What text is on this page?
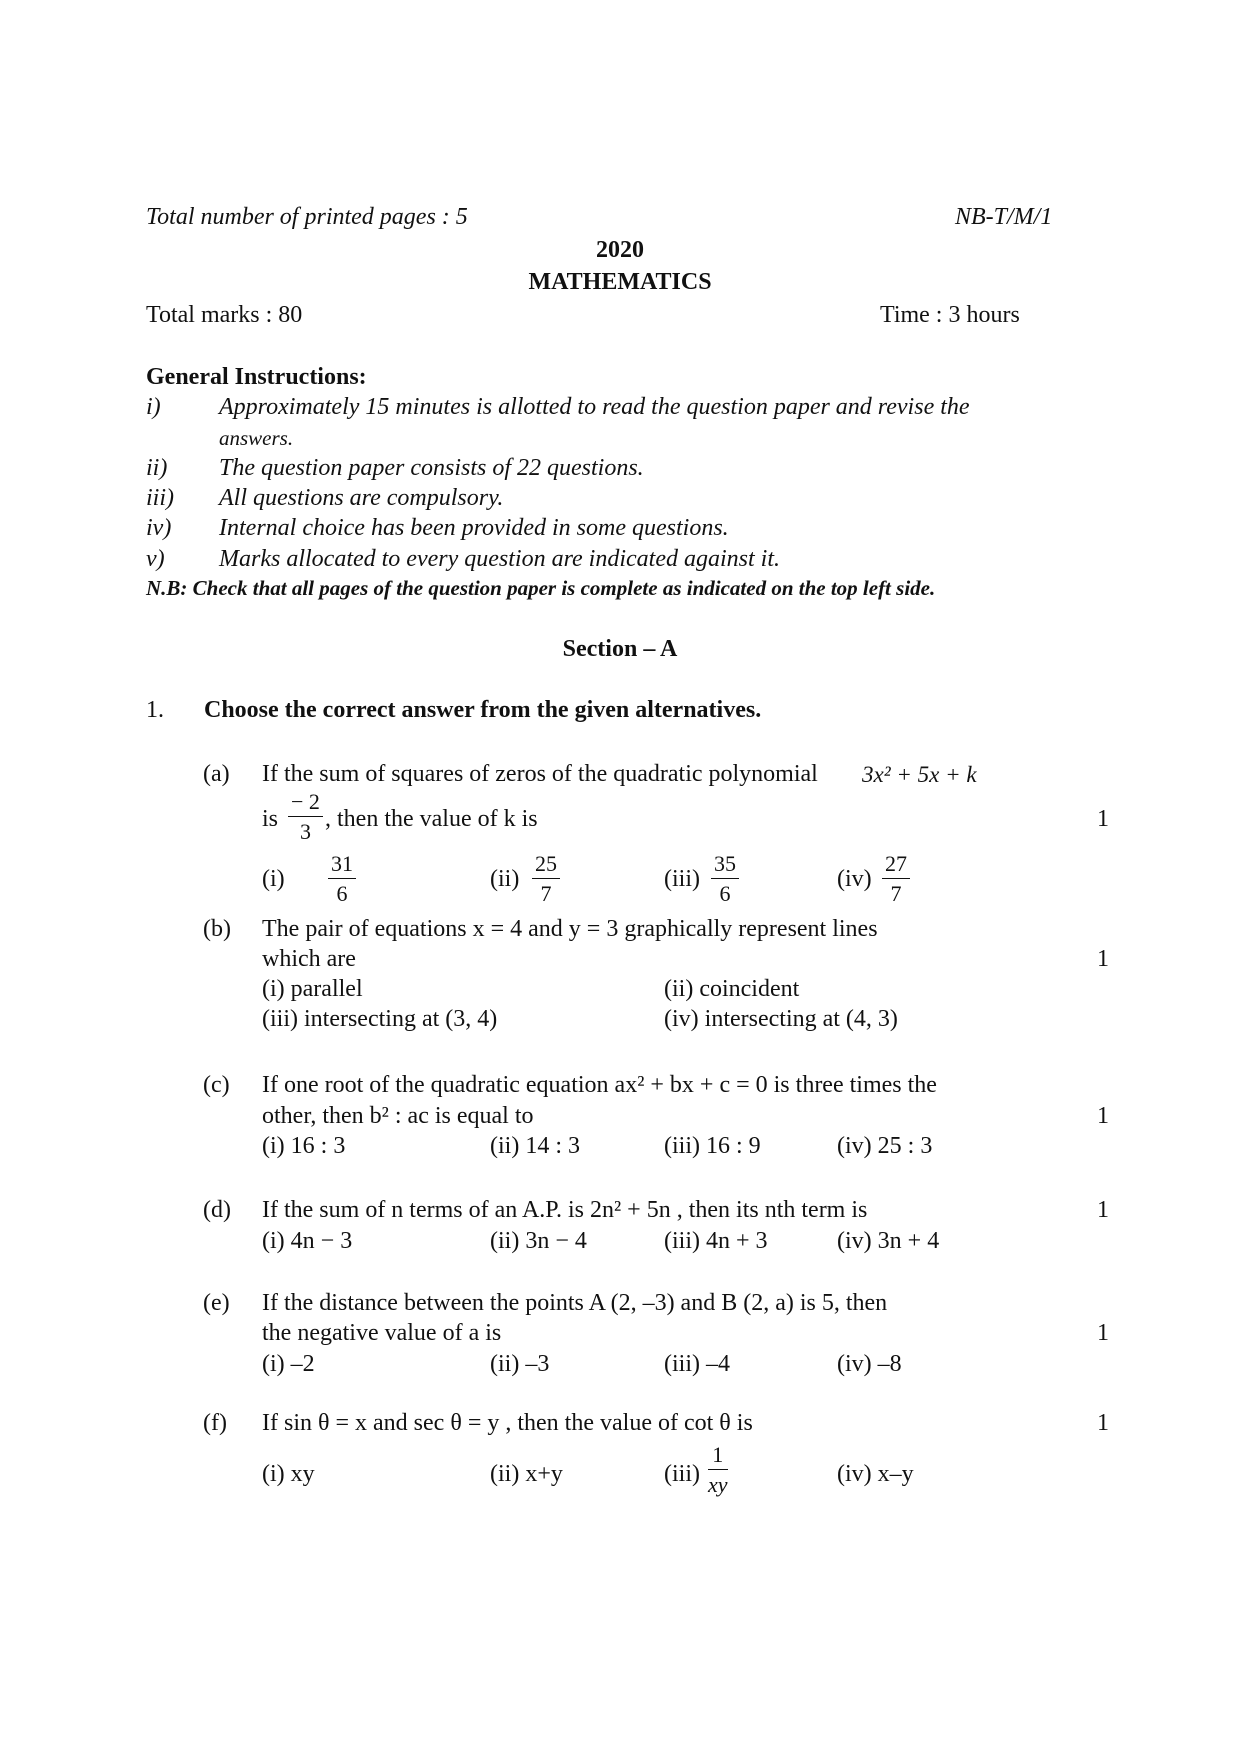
Total number of printed pages : 5	NB-T/M/1
2020
MATHEMATICS
Total marks : 80	Time : 3 hours
General Instructions:
i) Approximately 15 minutes is allotted to read the question paper and revise the
answers.
ii) The question paper consists of 22 questions.
iii) All questions are compulsory.
iv) Internal choice has been provided in some questions.
v) Marks allocated to every question are indicated against it.
N.B: Check that all pages of the question paper is complete as indicated on the top left side.
Section – A
1. Choose the correct answer from the given alternatives.
(a) If the sum of squares of zeros of the quadratic polynomial 3x² + 5x + k
is
− 2
3 , then the value of k is	1
(i)
31
6
(ii)
25
7
(iii)
35
6
(iv)
27
7
(b) The pair of equations x = 4 and y = 3 graphically represent lines
which are	1
(i) parallel	(ii) coincident
(iii) intersecting at (3, 4)	(iv) intersecting at (4, 3)
(c) If one root of the quadratic equation ax² + bx + c = 0 is three times the
other, then b² : ac is equal to	1
(i) 16 : 3	(ii) 14 : 3	(iii) 16 : 9	(iv) 25 : 3
(d) If the sum of n terms of an A.P. is 2n² + 5n , then its nth term is	1
(i) 4n − 3	(ii) 3n − 4	(iii) 4n + 3	(iv) 3n + 4
(e) If the distance between the points A (2, –3) and B (2, a) is 5, then
the negative value of a is	1
(i) –2	(ii) –3	(iii) –4	(iv) –8
(f) If sin θ = x and sec θ = y , then the value of cot θ is	1
(i) xy	(ii) x+y	(iii)
1
xy	(iv) x–y
